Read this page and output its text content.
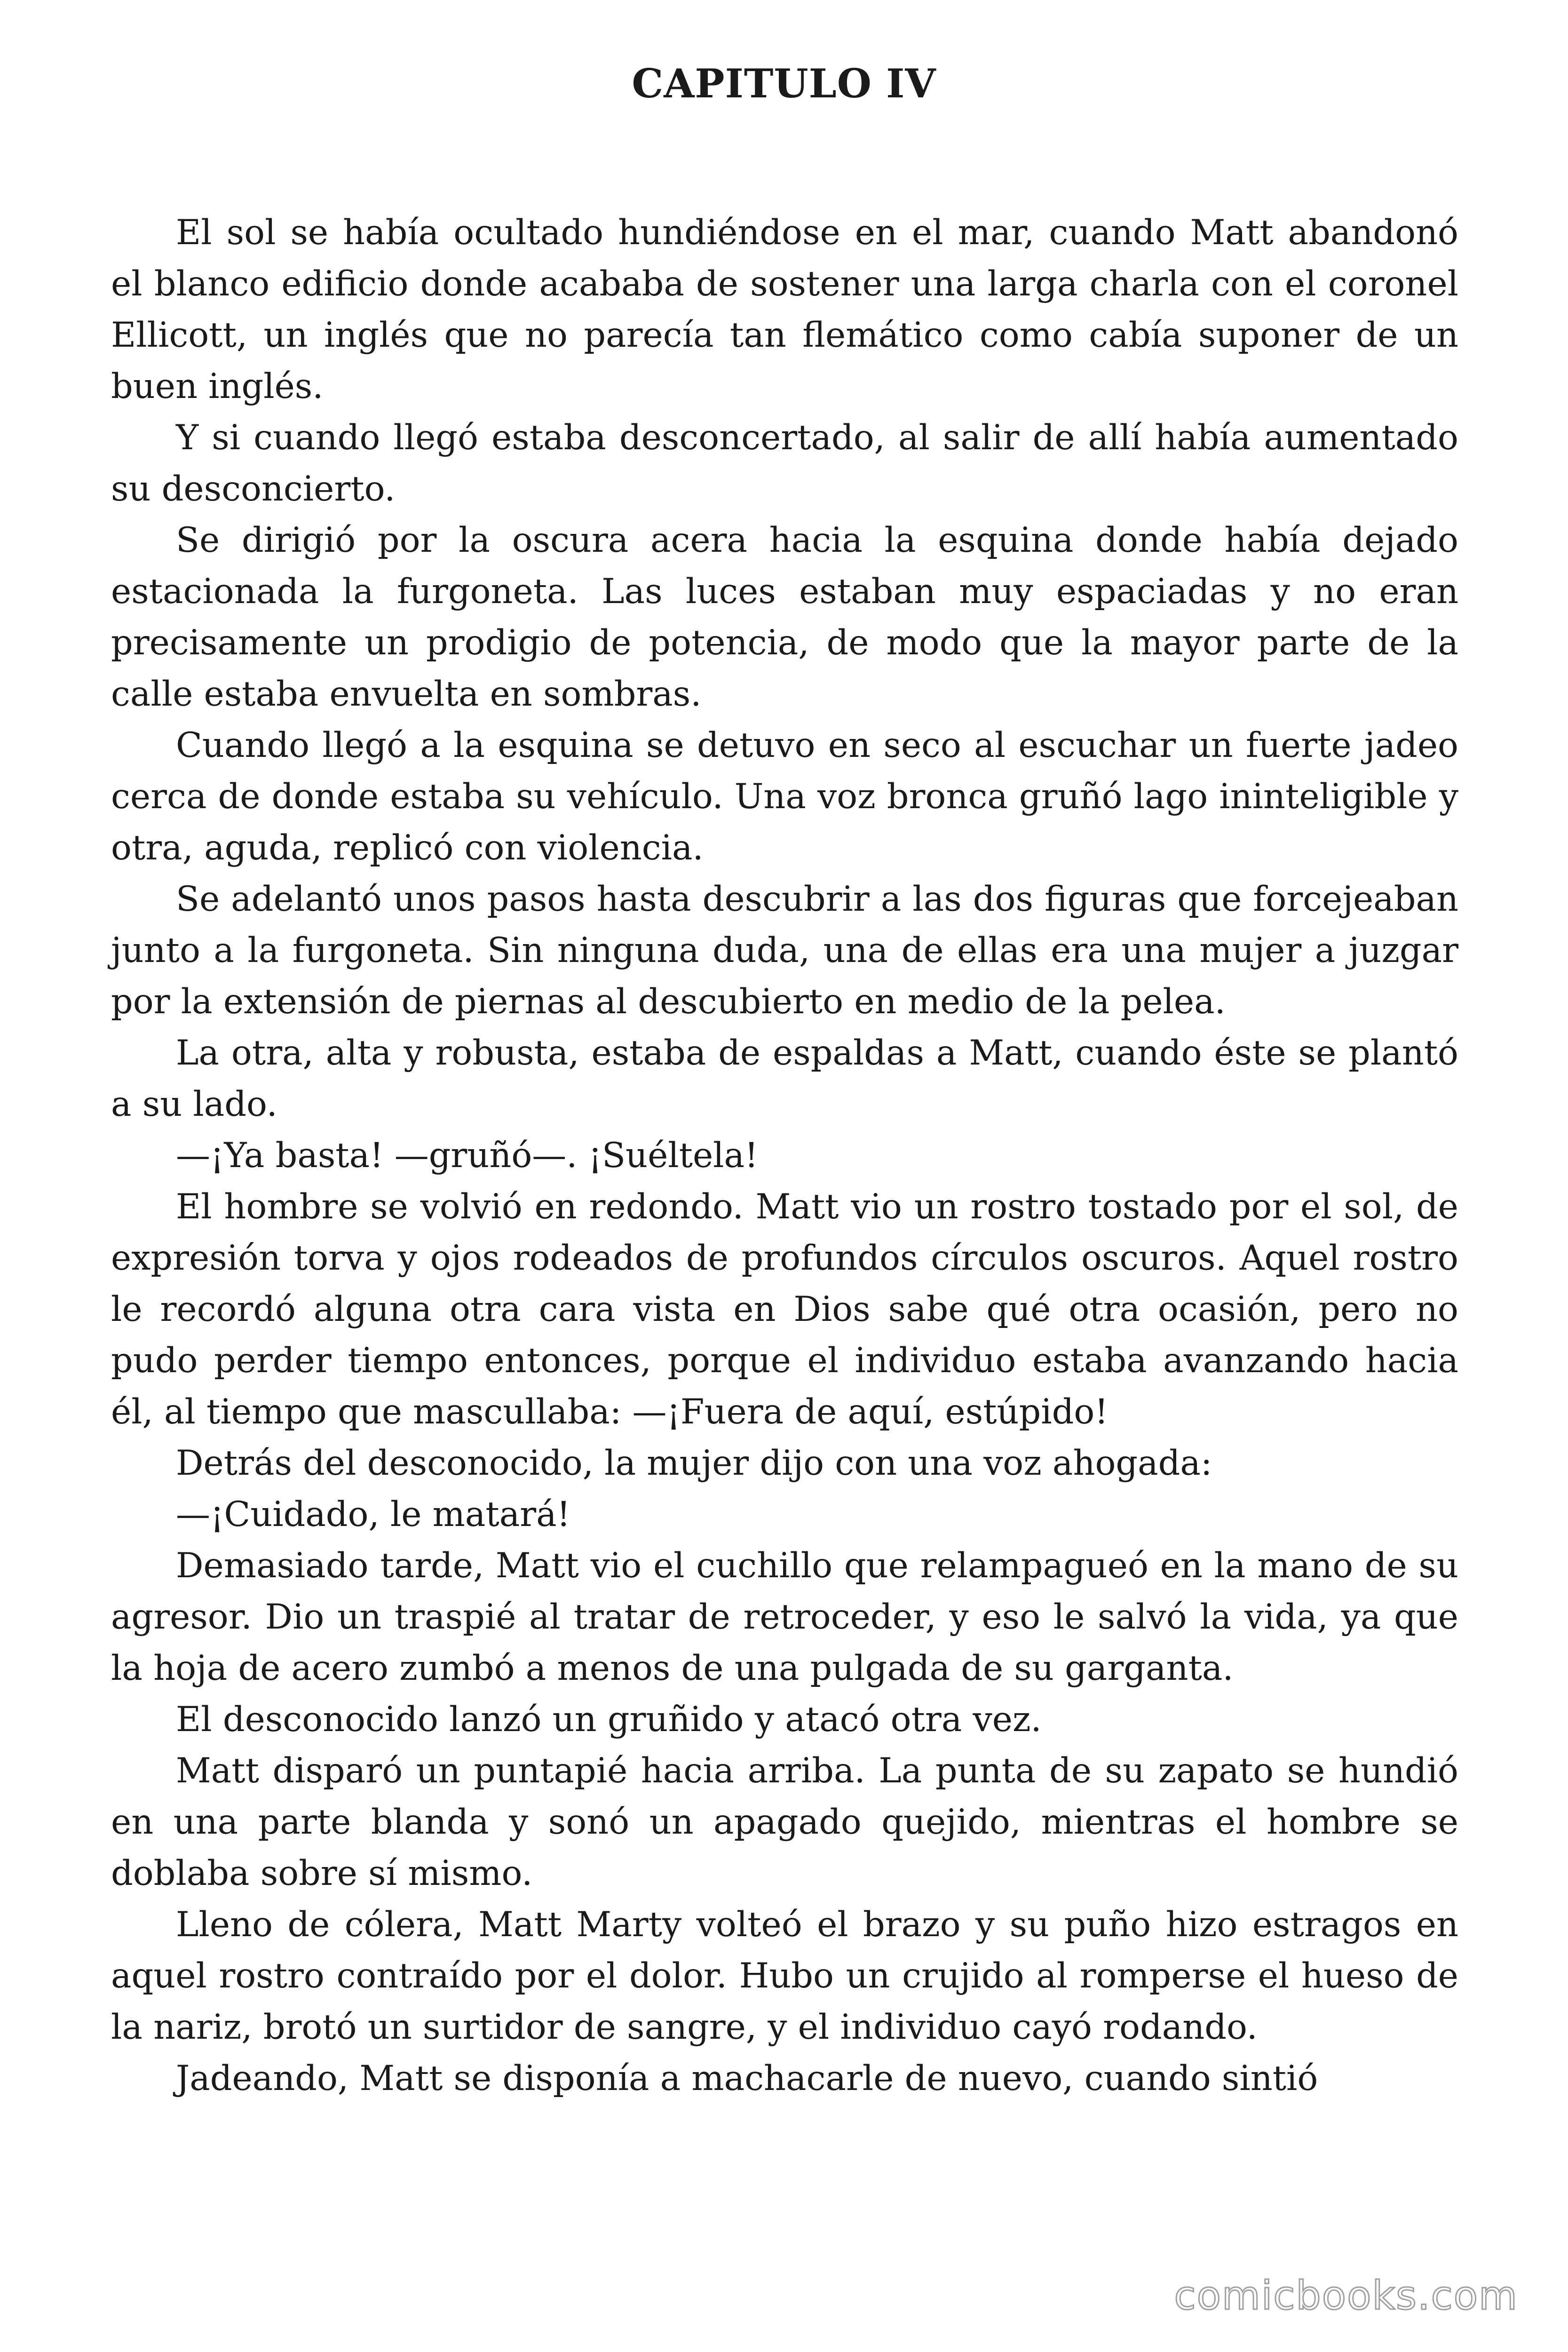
CAPITULO IV

El sol se había ocultado hundiéndose en el mar, cuando Matt abandonó el blanco edificio donde acababa de sostener una larga charla con el coronel Ellicott, un inglés que no parecía tan flemático como cabía suponer de un buen inglés.

Y si cuando llegó estaba desconcertado, al salir de allí había aumentado su desconcierto.

Se dirigió por la oscura acera hacia la esquina donde había dejado estacionada la furgoneta. Las luces estaban muy espaciadas y no eran precisamente un prodigio de potencia, de modo que la mayor parte de la calle estaba envuelta en sombras.

Cuando llegó a la esquina se detuvo en seco al escuchar un fuerte jadeo cerca de donde estaba su vehículo. Una voz bronca gruñó lago ininteligible y otra, aguda, replicó con violencia.

Se adelantó unos pasos hasta descubrir a las dos figuras que forcejeaban junto a la furgoneta. Sin ninguna duda, una de ellas era una mujer a juzgar por la extensión de piernas al descubierto en medio de la pelea.

La otra, alta y robusta, estaba de espaldas a Matt, cuando éste se plantó a su lado.

—¡Ya basta! —gruñó—. ¡Suéltela!

El hombre se volvió en redondo. Matt vio un rostro tostado por el sol, de expresión torva y ojos rodeados de profundos círculos oscuros. Aquel rostro le recordó alguna otra cara vista en Dios sabe qué otra ocasión, pero no pudo perder tiempo entonces, porque el individuo estaba avanzando hacia él, al tiempo que mascullaba: —¡Fuera de aquí, estúpido!

Detrás del desconocido, la mujer dijo con una voz ahogada:

—¡Cuidado, le matará!

Demasiado tarde, Matt vio el cuchillo que relampagueó en la mano de su agresor. Dio un traspié al tratar de retroceder, y eso le salvó la vida, ya que la hoja de acero zumbó a menos de una pulgada de su garganta.

El desconocido lanzó un gruñido y atacó otra vez.

Matt disparó un puntapié hacia arriba. La punta de su zapato se hundió en una parte blanda y sonó un apagado quejido, mientras el hombre se doblaba sobre sí mismo.

Lleno de cólera, Matt Marty volteó el brazo y su puño hizo estragos en aquel rostro contraído por el dolor. Hubo un crujido al romperse el hueso de la nariz, brotó un surtidor de sangre, y el individuo cayó rodando.

Jadeando, Matt se disponía a machacarle de nuevo, cuando sintió

comicbooks.com
